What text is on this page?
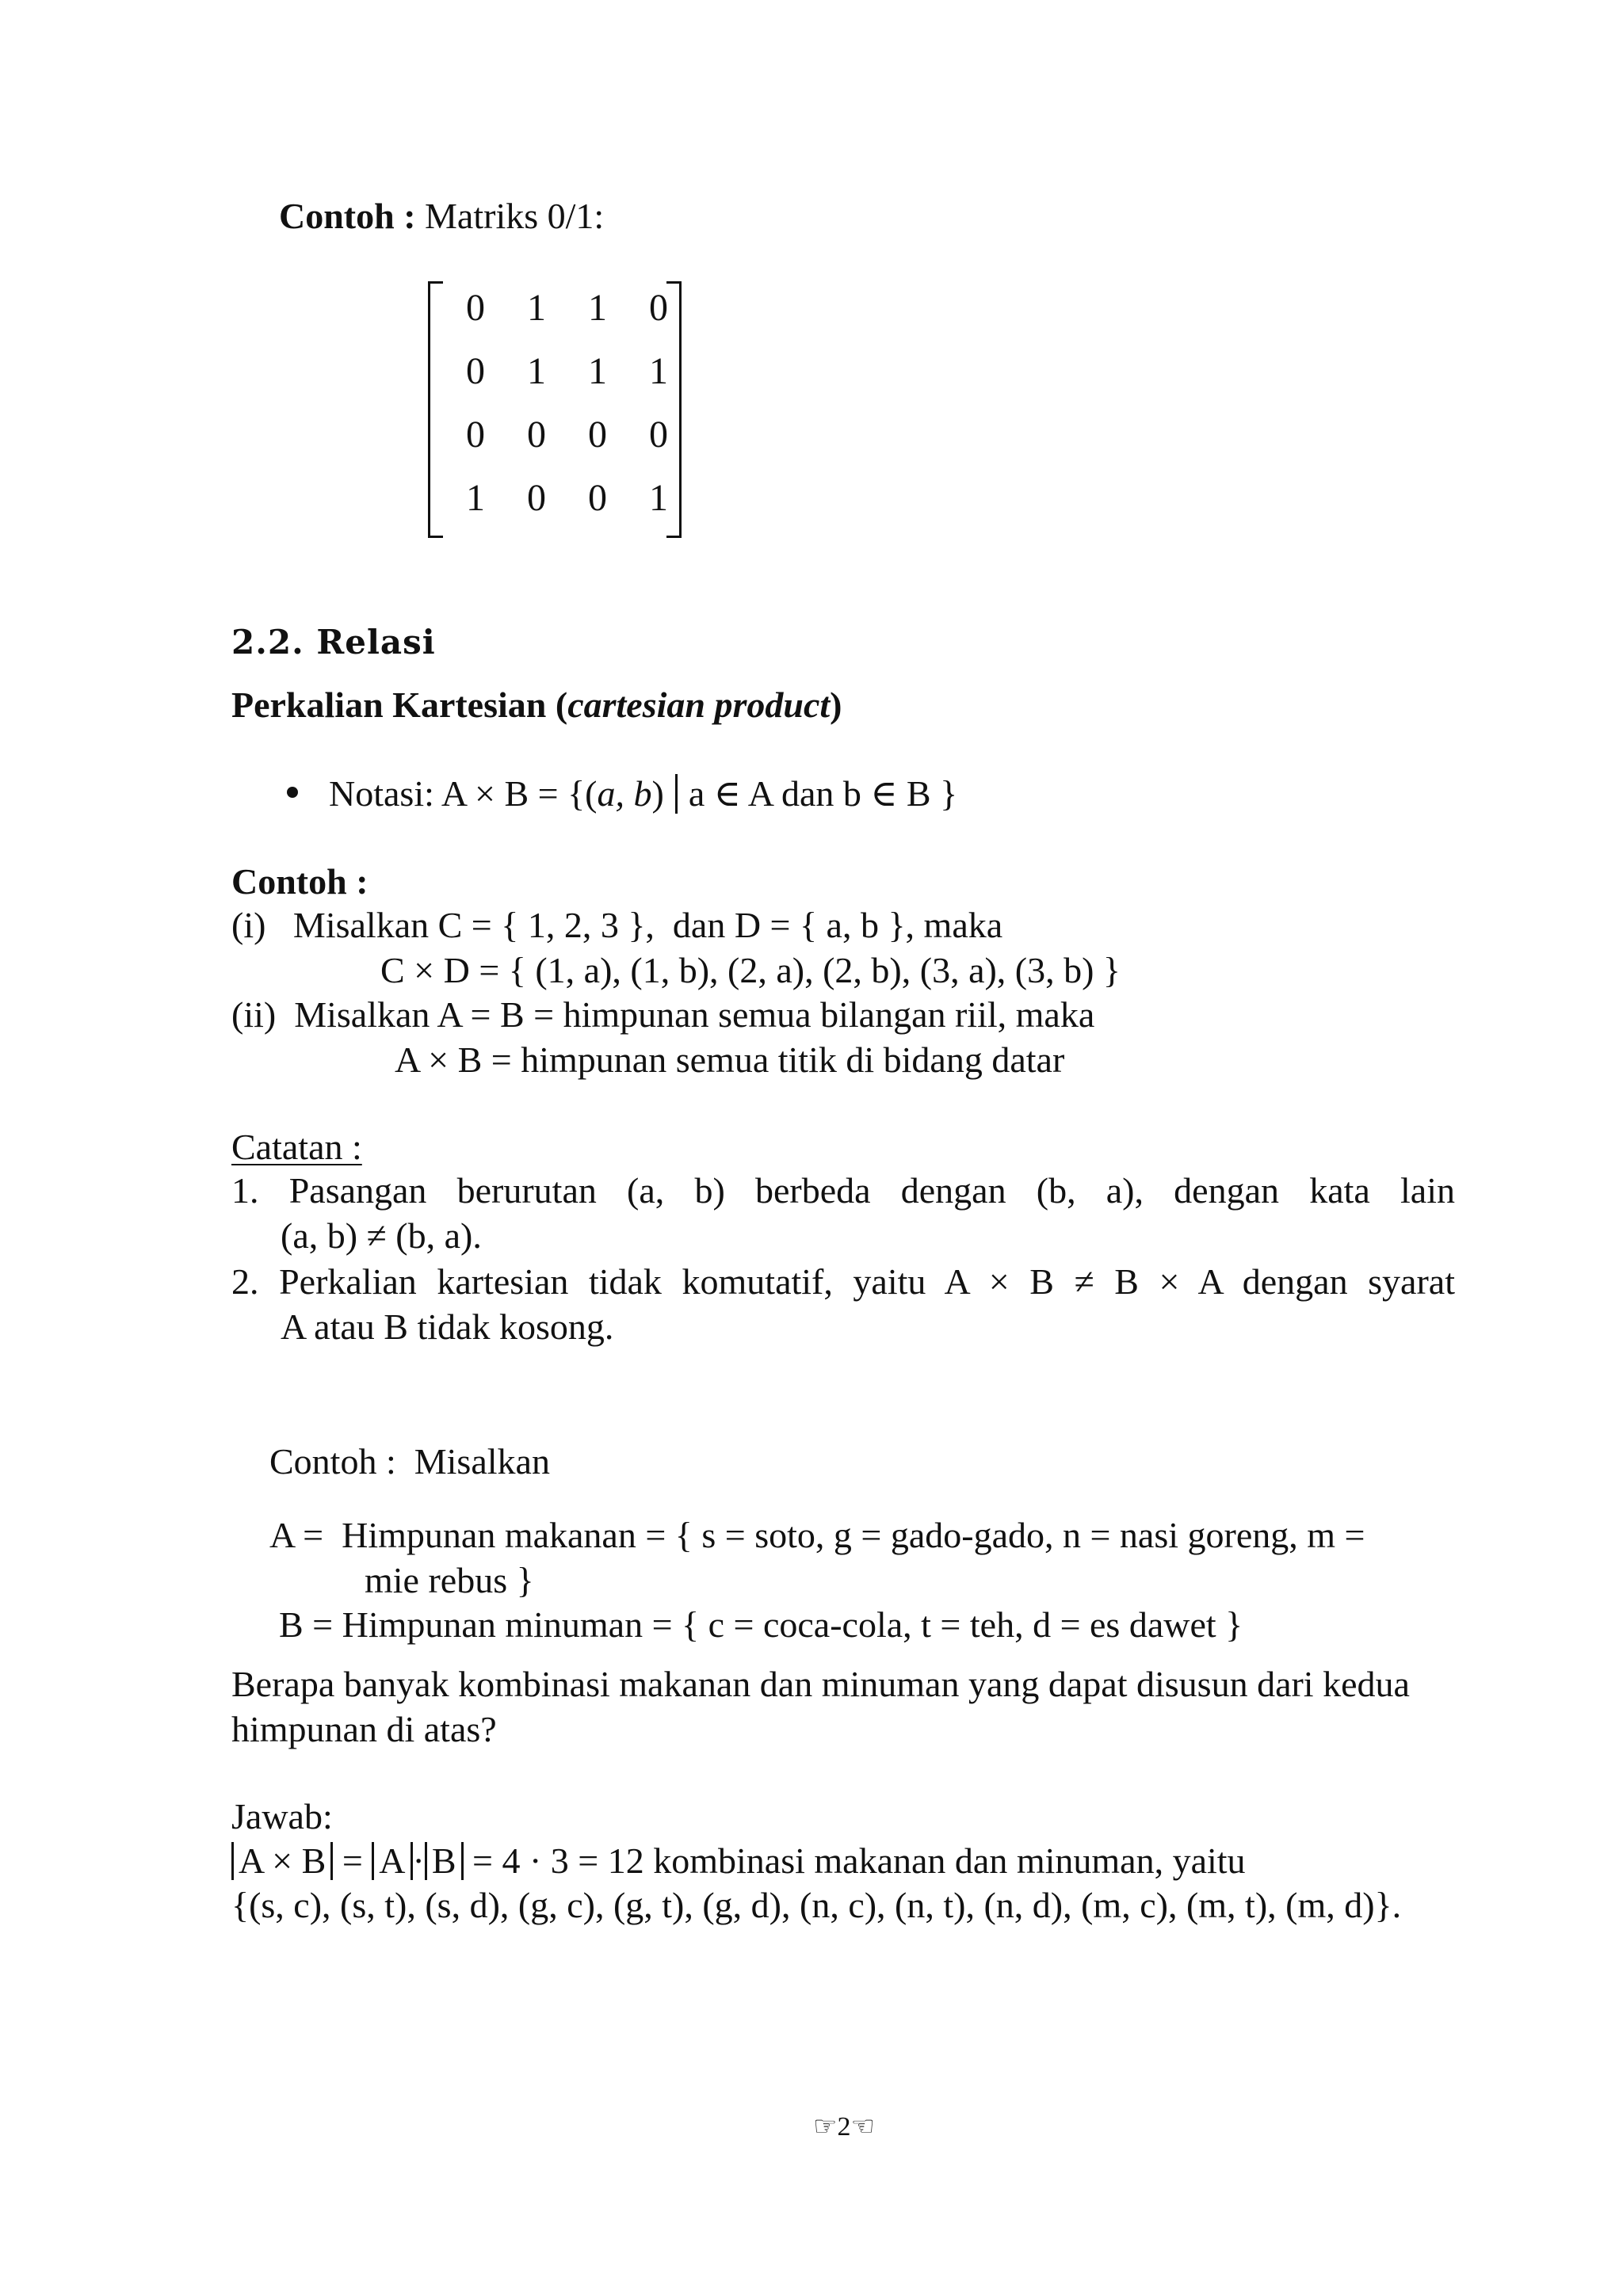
Contoh : Matriks 0/1:
0 1 1 0
0 1 1 1
0 0 0 0
1 0 0 1
2.2. Relasi
Perkalian Kartesian (cartesian product)
Notasi: A × B = {(a, b) a ∈ A dan b ∈ B }
Contoh :
(i)   Misalkan C = { 1, 2, 3 },  dan D = { a, b }, maka
C × D = { (1, a), (1, b), (2, a), (2, b), (3, a), (3, b) }
(ii)  Misalkan A = B = himpunan semua bilangan riil, maka
A × B = himpunan semua titik di bidang datar
Catatan :
1. Pasangan berurutan (a, b) berbeda dengan (b, a), dengan kata lain
(a, b) ≠ (b, a).
2. Perkalian kartesian tidak komutatif, yaitu A × B ≠ B × A dengan syarat
A atau B tidak kosong.
Contoh :  Misalkan
A =  Himpunan makanan = { s = soto, g = gado-gado, n = nasi goreng, m =
mie rebus }
B = Himpunan minuman = { c = coca-cola, t = teh, d = es dawet }
Berapa banyak kombinasi makanan dan minuman yang dapat disusun dari kedua
himpunan di atas?
Jawab:
A × B = A · B = 4 · 3 = 12 kombinasi makanan dan minuman, yaitu
{(s, c), (s, t), (s, d), (g, c), (g, t), (g, d), (n, c), (n, t), (n, d), (m, c), (m, t), (m, d)}.
☞2☜
